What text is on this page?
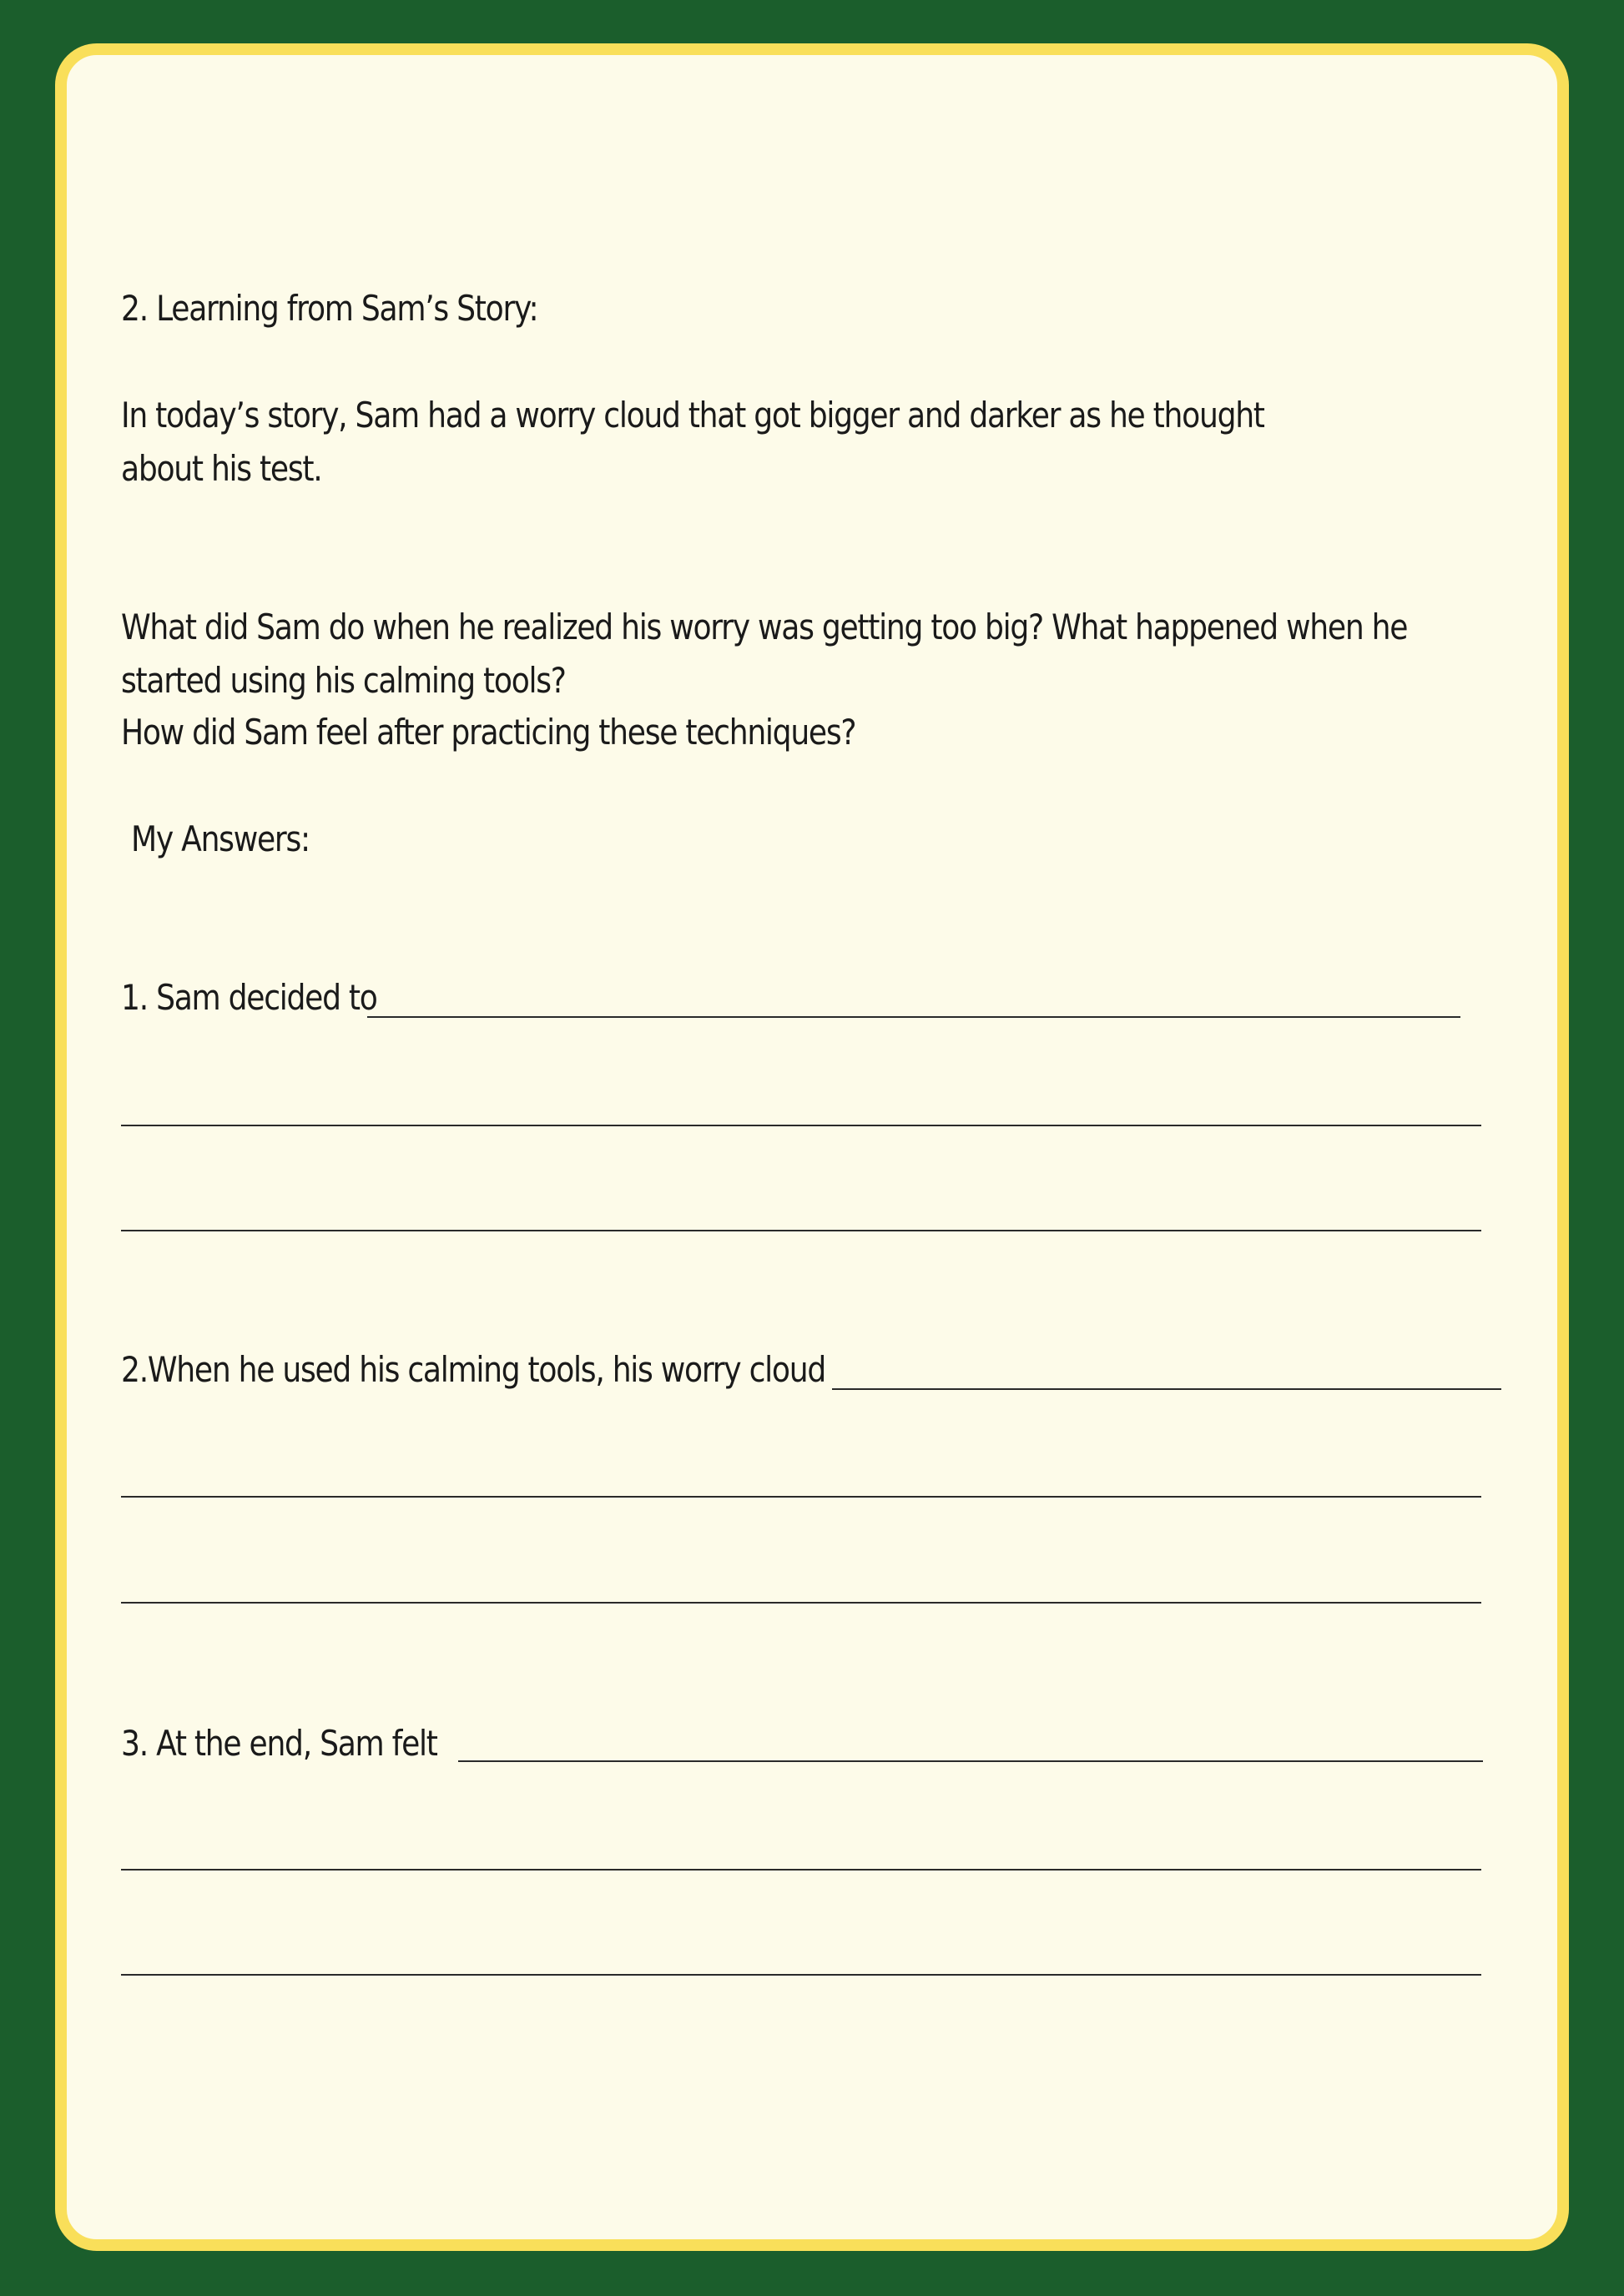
2. Learning from Sam’s Story:
In today’s story, Sam had a worry cloud that got bigger and darker as he thought
about his test.
What did Sam do when he realized his worry was getting too big? What happened when he
started using his calming tools?
How did Sam feel after practicing these techniques?
My Answers:
1. Sam decided to
2.When he used his calming tools, his worry cloud
3. At the end, Sam felt
